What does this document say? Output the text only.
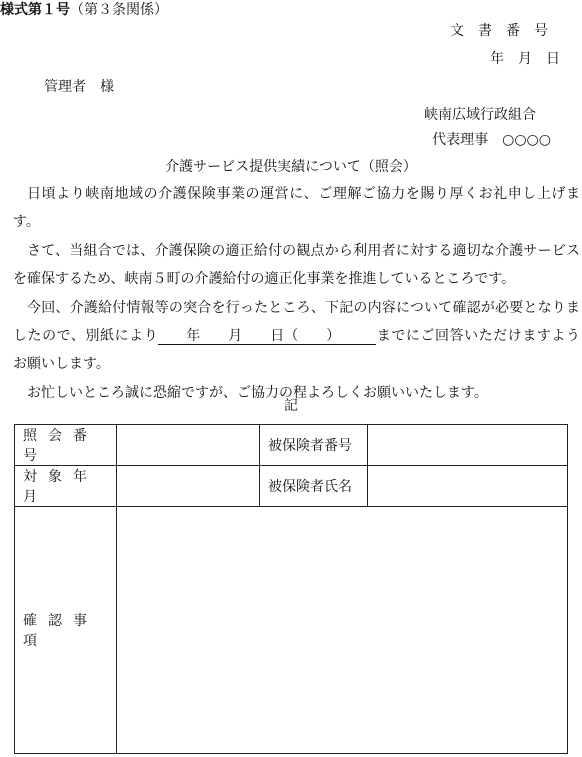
様式第１号（第３条関係）
文書番号
年　月　日
管理者　様
峡南広域行政組合
代表理事　○○○○
介護サービス提供実績について（照会）

日頃より峡南地域の介護保険事業の運営に、ご理解ご協力を賜り厚くお礼申し上げます。

さて、当組合では、介護保険の適正給付の観点から利用者に対する適切な介護サービスを確保するため、峡南５町の介護給付の適正化事業を推進しているところです。

今回、介護給付情報等の突合を行ったところ、下記の内容について確認が必要となりましたので、別紙により 年　　月　　日（　　）	までにご回答いただけますようお願いします。

お忙しいところ誠に恐縮ですが、ご協力の程よろしくお願いいたします。

記
照会番号		被保険者番号	
対象年月		被保険者氏名	
確認事項			
